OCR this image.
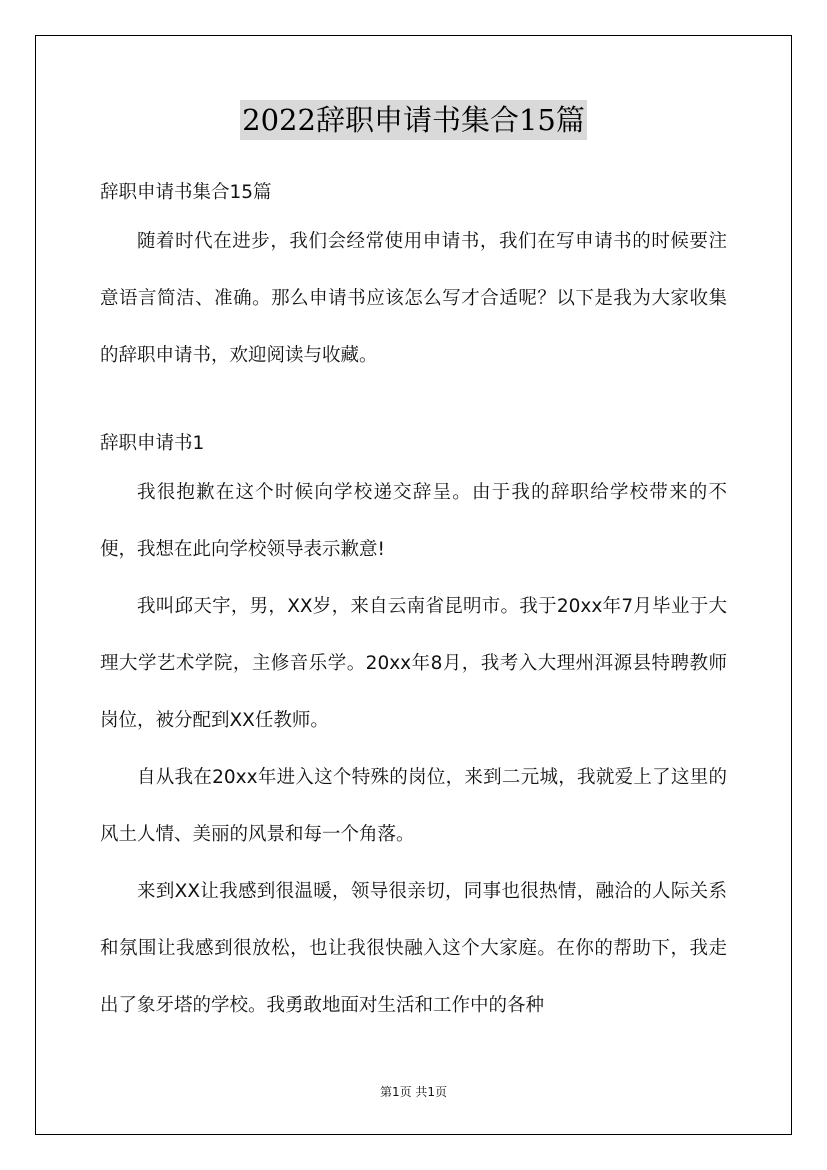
2022辞职申请书集合15篇

辞职申请书集合15篇

随着时代在进步，我们会经常使用申请书，我们在写申请书的时候要注意语言简洁、准确。那么申请书应该怎么写才合适呢？以下是我为大家收集的辞职申请书，欢迎阅读与收藏。

辞职申请书1

我很抱歉在这个时候向学校递交辞呈。由于我的辞职给学校带来的不便，我想在此向学校领导表示歉意!

我叫邱天宇，男，XX岁，来自云南省昆明市。我于20xx年7月毕业于大理大学艺术学院，主修音乐学。20xx年8月，我考入大理州洱源县特聘教师岗位，被分配到XX任教师。

自从我在20xx年进入这个特殊的岗位，来到二元城，我就爱上了这里的风土人情、美丽的风景和每一个角落。

来到XX让我感到很温暖，领导很亲切，同事也很热情，融洽的人际关系和氛围让我感到很放松，也让我很快融入这个大家庭。在你的帮助下，我走出了象牙塔的学校。我勇敢地面对生活和工作中的各种

第1页 共1页
